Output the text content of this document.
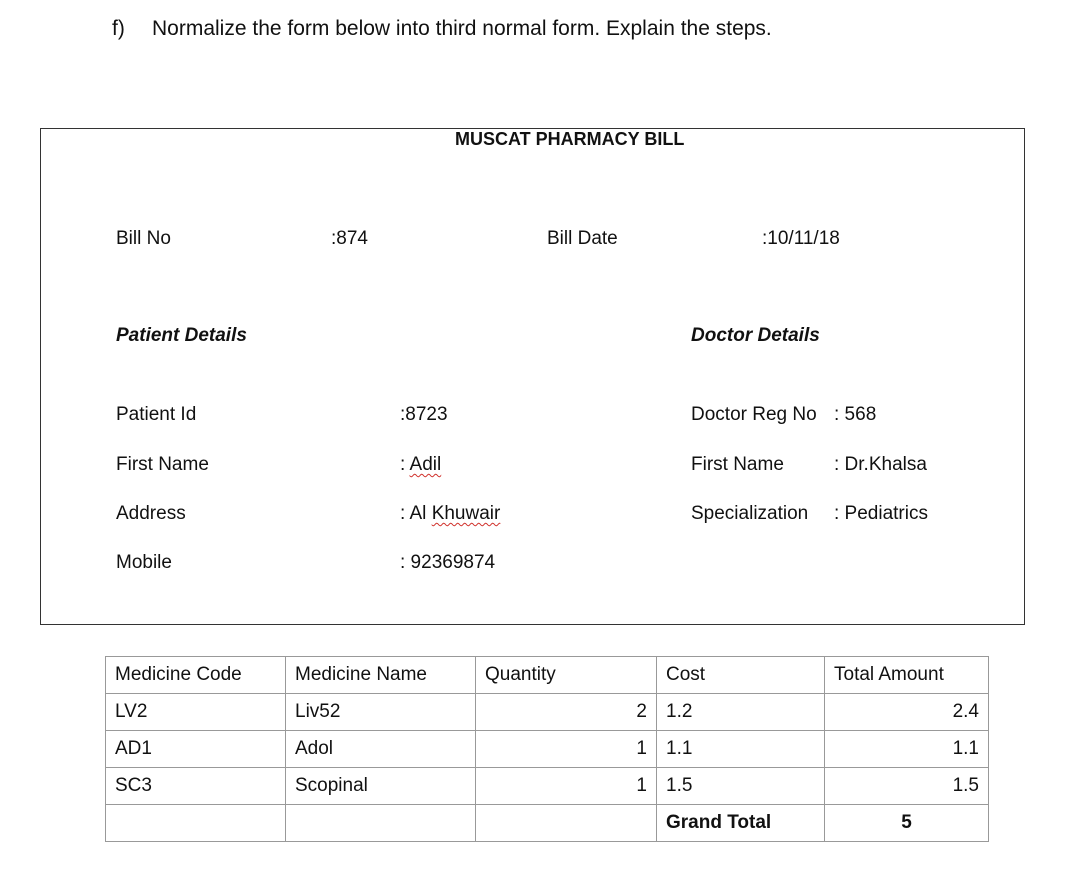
f) Normalize the form below into third normal form. Explain the steps.
MUSCAT PHARMACY BILL
Bill No	:874	Bill Date	:10/11/18
Patient Details	Doctor Details
Patient Id	:8723	Doctor Reg No : 568
First Name	: Adil	First Name	: Dr.Khalsa
Address	: Al Khuwair	Specialization : Pediatrics
Mobile	: 92369874
Medicine Code	Medicine Name	Quantity	Cost	Total Amount
LV2	Liv52	2	1.2	2.4
AD1	Adol	1	1.1	1.1
SC3	Scopinal	1	1.5	1.5
			Grand Total	5
